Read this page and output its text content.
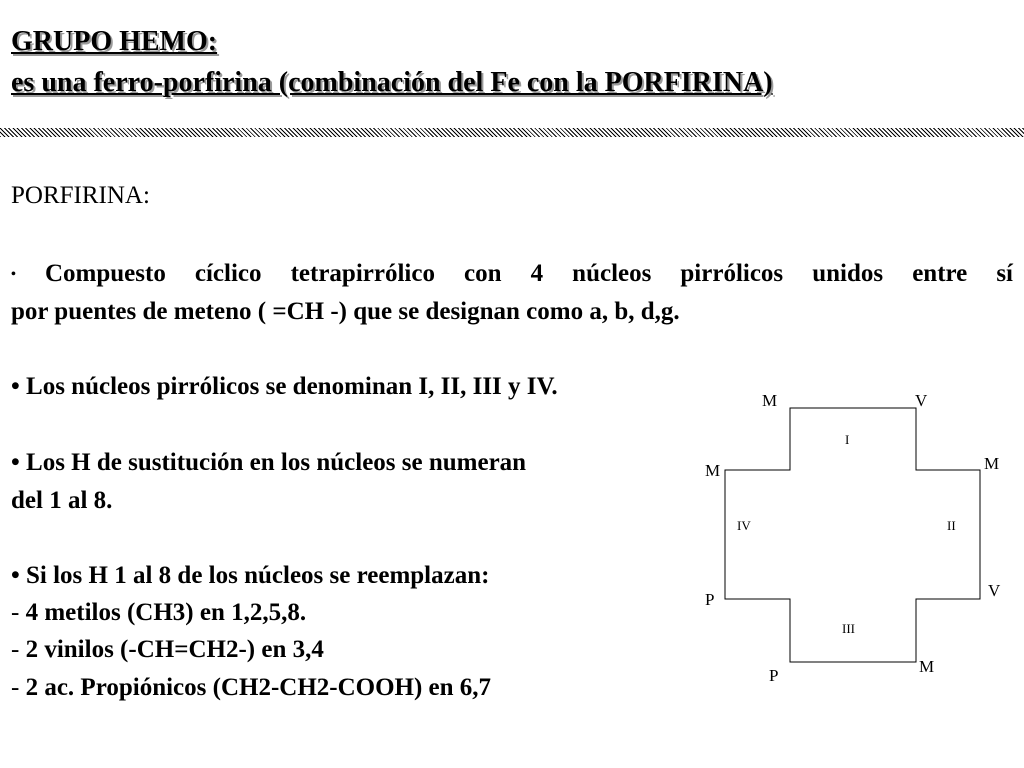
GRUPO HEMO:
es una ferro-porfirina (combinación del Fe con la PORFIRINA)
PORFIRINA:
• Compuesto cíclico tetrapirrólico con 4 núcleos pirrólicos unidos entre sí
por puentes de meteno ( =CH -) que se designan como a, b, d,g.
• Los núcleos pirrólicos se denominan I, II, III y IV.
• Los H de sustitución en los núcleos se numeran
del 1 al 8.
• Si los H 1 al 8 de los núcleos se reemplazan:
- 4 metilos (CH3) en 1,2,5,8.
- 2 vinilos (-CH=CH2-) en 3,4
- 2 ac. Propiónicos (CH2-CH2-COOH) en 6,7
I
II
III
IV
M	V
M
V
M
P
P
M
